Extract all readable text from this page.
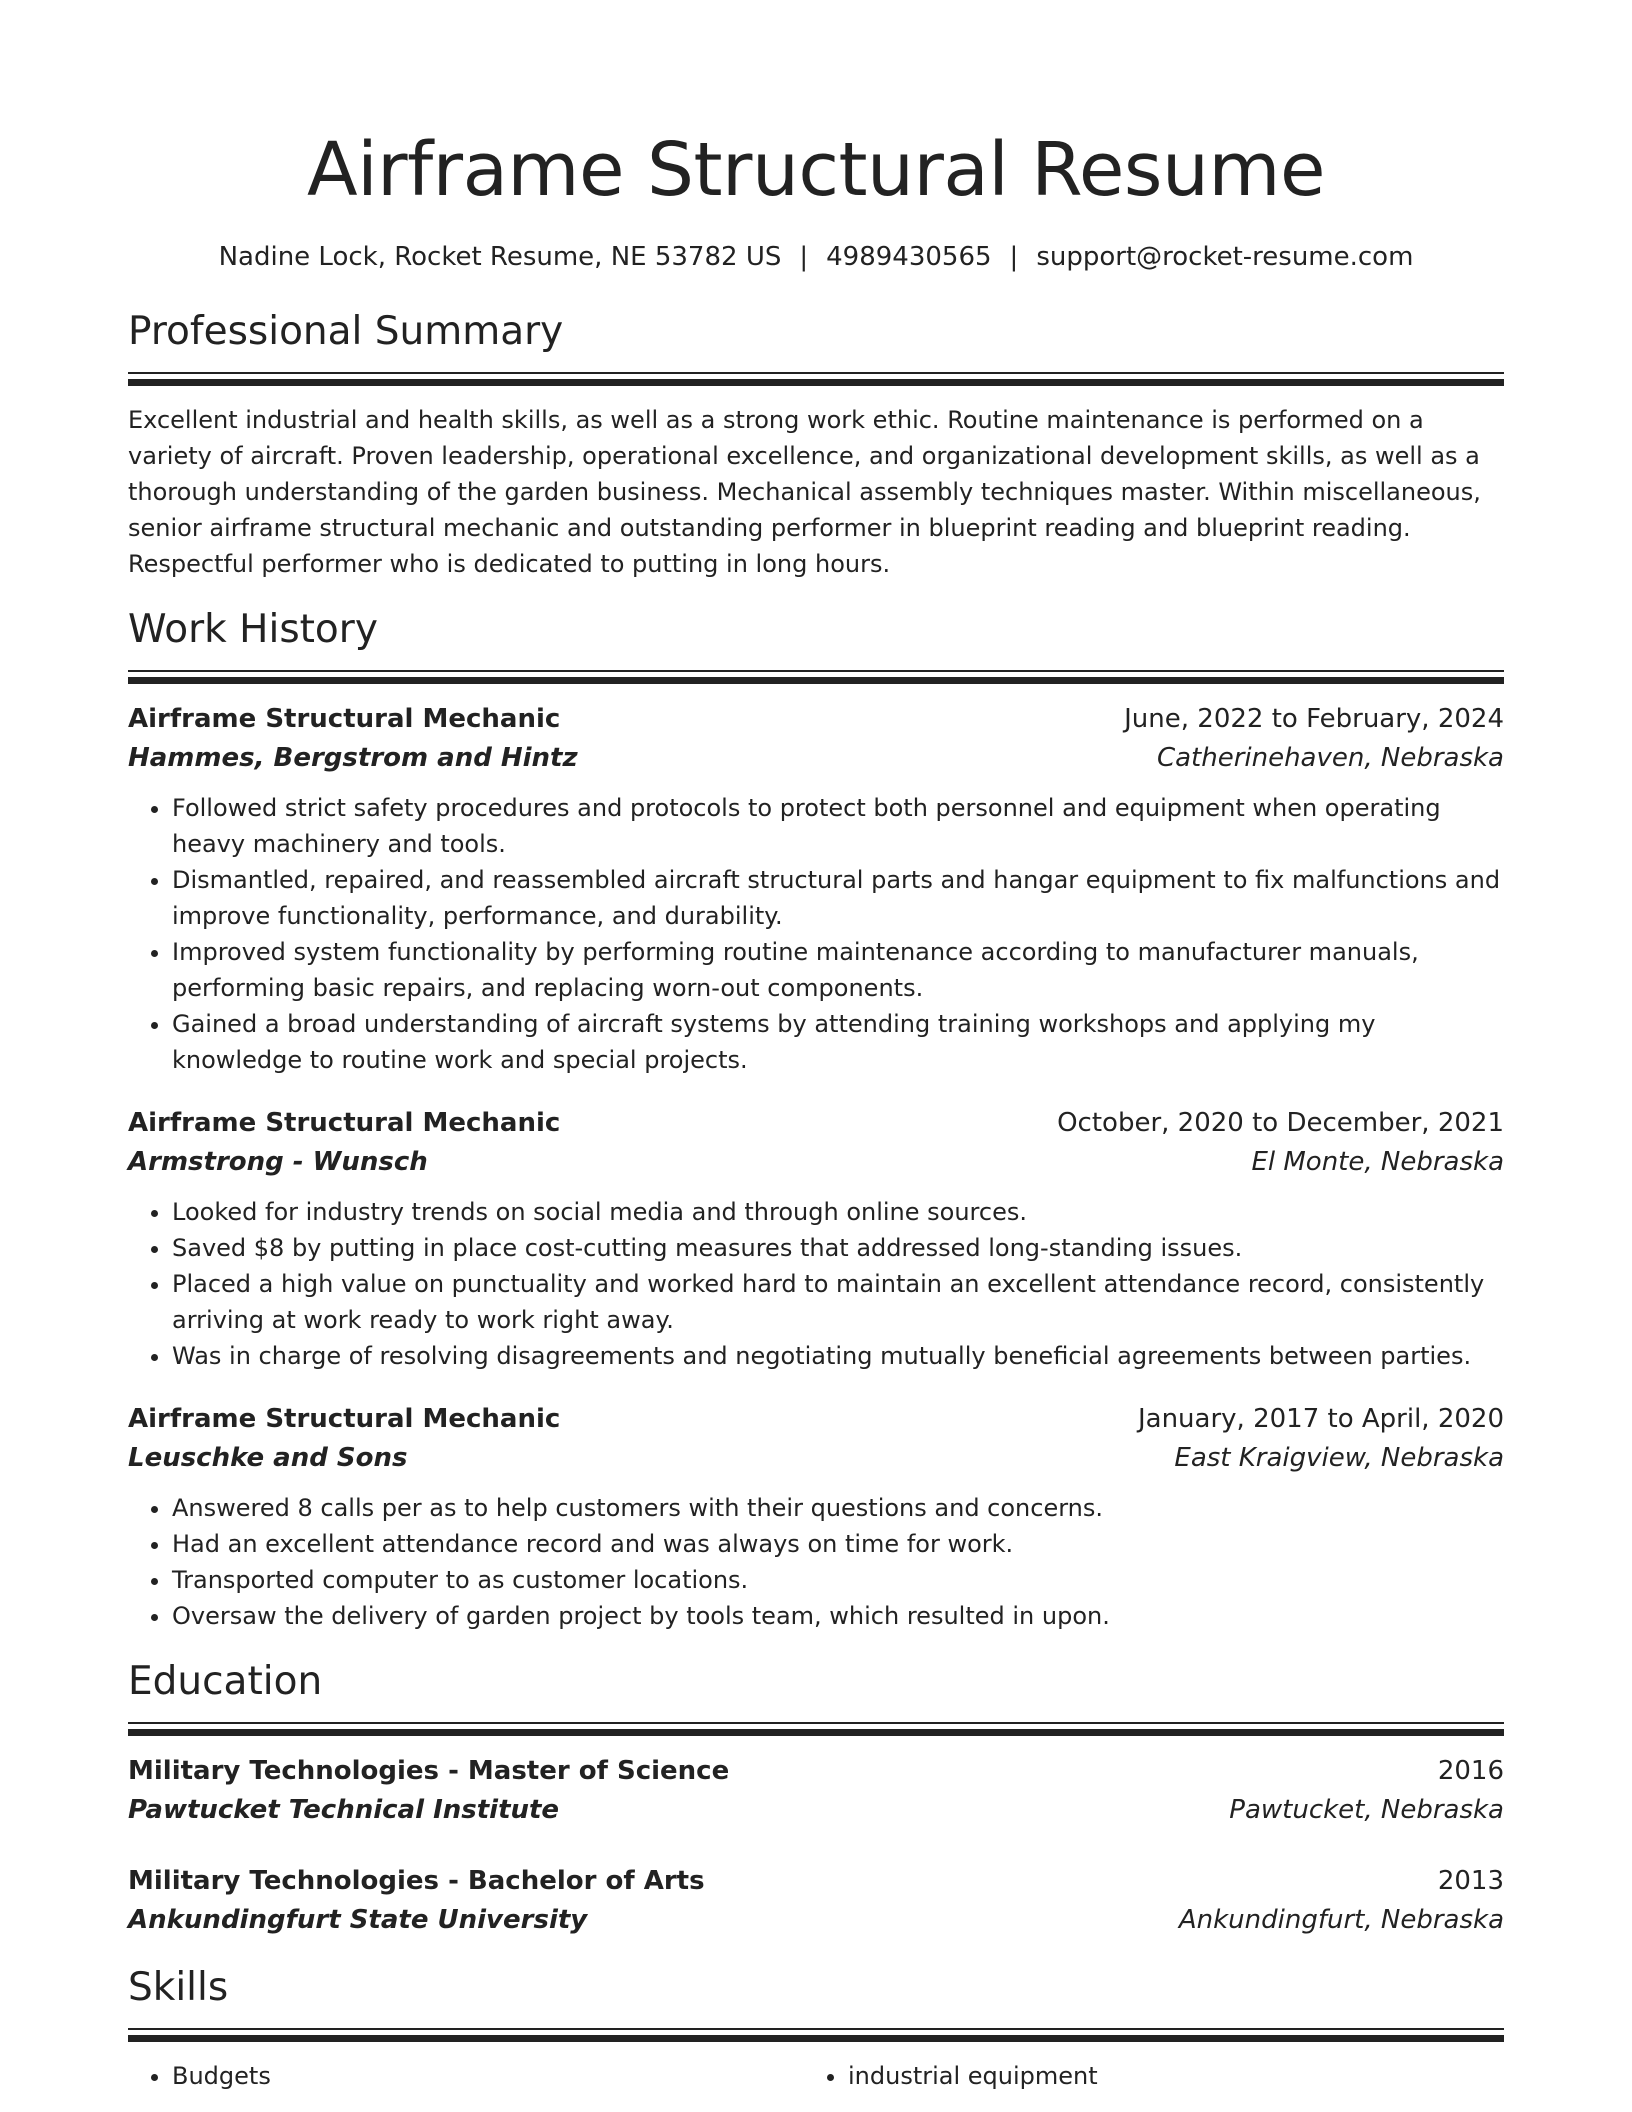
Airframe Structural Resume
Nadine Lock, Rocket Resume, NE 53782 US | 4989430565 | support@rocket-resume.com
Professional Summary

Excellent industrial and health skills, as well as a strong work ethic. Routine maintenance is performed on a variety of aircraft. Proven leadership, operational excellence, and organizational development skills, as well as a thorough understanding of the garden business. Mechanical assembly techniques master. Within miscellaneous, senior airframe structural mechanic and outstanding performer in blueprint reading and blueprint reading. Respectful performer who is dedicated to putting in long hours.

Work History
Airframe Structural Mechanic	June, 2022 to February, 2024
Hammes, Bergstrom and Hintz	Catherinehaven, Nebraska
• Followed strict safety procedures and protocols to protect both personnel and equipment when operating heavy machinery and tools.
• Dismantled, repaired, and reassembled aircraft structural parts and hangar equipment to fix malfunctions and improve functionality, performance, and durability.
• Improved system functionality by performing routine maintenance according to manufacturer manuals, performing basic repairs, and replacing worn-out components.
• Gained a broad understanding of aircraft systems by attending training workshops and applying my knowledge to routine work and special projects.
Airframe Structural Mechanic	October, 2020 to December, 2021
Armstrong - Wunsch	El Monte, Nebraska
• Looked for industry trends on social media and through online sources.
• Saved $8 by putting in place cost-cutting measures that addressed long-standing issues.
• Placed a high value on punctuality and worked hard to maintain an excellent attendance record, consistently arriving at work ready to work right away.
• Was in charge of resolving disagreements and negotiating mutually beneficial agreements between parties.
Airframe Structural Mechanic	January, 2017 to April, 2020
Leuschke and Sons	East Kraigview, Nebraska
• Answered 8 calls per as to help customers with their questions and concerns.
• Had an excellent attendance record and was always on time for work.
• Transported computer to as customer locations.
• Oversaw the delivery of garden project by tools team, which resulted in upon.
Education
Military Technologies - Master of Science	2016
Pawtucket Technical Institute	Pawtucket, Nebraska
Military Technologies - Bachelor of Arts	2013
Ankundingfurt State University	Ankundingfurt, Nebraska
Skills
• Budgets
•	industrial equipment
